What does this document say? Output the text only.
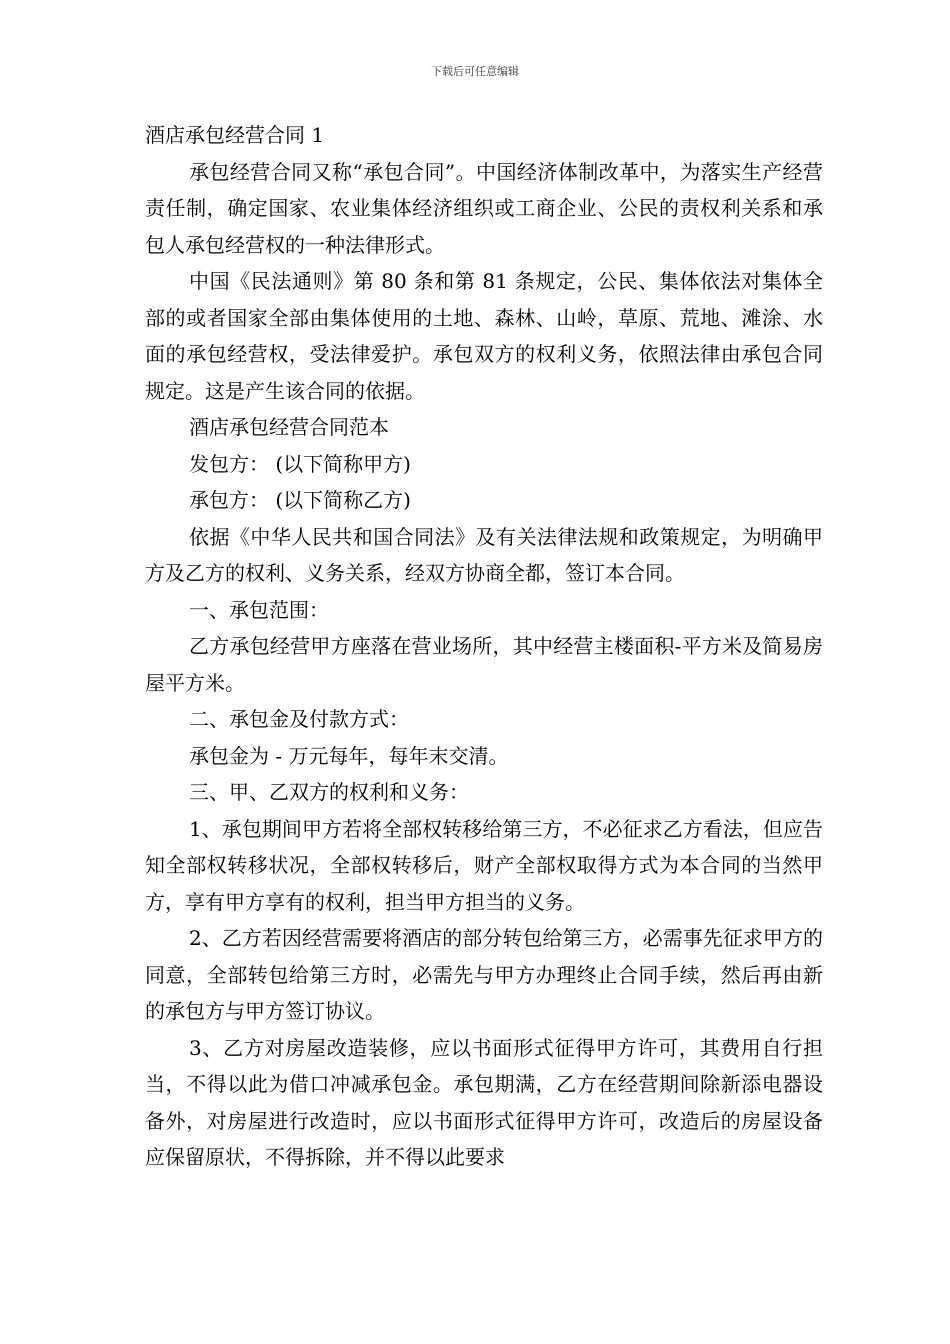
下载后可任意编辑

酒店承包经营合同 1

承包经营合同又称“承包合同”。中国经济体制改革中，为落实生产经营责任制，确定国家、农业集体经济组织或工商企业、公民的责权利关系和承包人承包经营权的一种法律形式。

中国《民法通则》第 80 条和第 81 条规定，公民、集体依法对集体全部的或者国家全部由集体使用的土地、森林、山岭，草原、荒地、滩涂、水面的承包经营权，受法律爱护。承包双方的权利义务，依照法律由承包合同规定。这是产生该合同的依据。

酒店承包经营合同范本

发包方： (以下简称甲方)

承包方： (以下简称乙方)

依据《中华人民共和国合同法》及有关法律法规和政策规定，为明确甲方及乙方的权利、义务关系，经双方协商全都，签订本合同。

一、承包范围：

乙方承包经营甲方座落在营业场所，其中经营主楼面积-平方米及简易房屋平方米。

二、承包金及付款方式：

承包金为 - 万元每年，每年末交清。

三、甲、乙双方的权利和义务：

1、承包期间甲方若将全部权转移给第三方，不必征求乙方看法，但应告知全部权转移状况，全部权转移后，财产全部权取得方式为本合同的当然甲方，享有甲方享有的权利，担当甲方担当的义务。

2、乙方若因经营需要将酒店的部分转包给第三方，必需事先征求甲方的同意，全部转包给第三方时，必需先与甲方办理终止合同手续，然后再由新的承包方与甲方签订协议。

3、乙方对房屋改造装修，应以书面形式征得甲方许可，其费用自行担当，不得以此为借口冲减承包金。承包期满，乙方在经营期间除新添电器设备外，对房屋进行改造时，应以书面形式征得甲方许可，改造后的房屋设备应保留原状，不得拆除，并不得以此要求
